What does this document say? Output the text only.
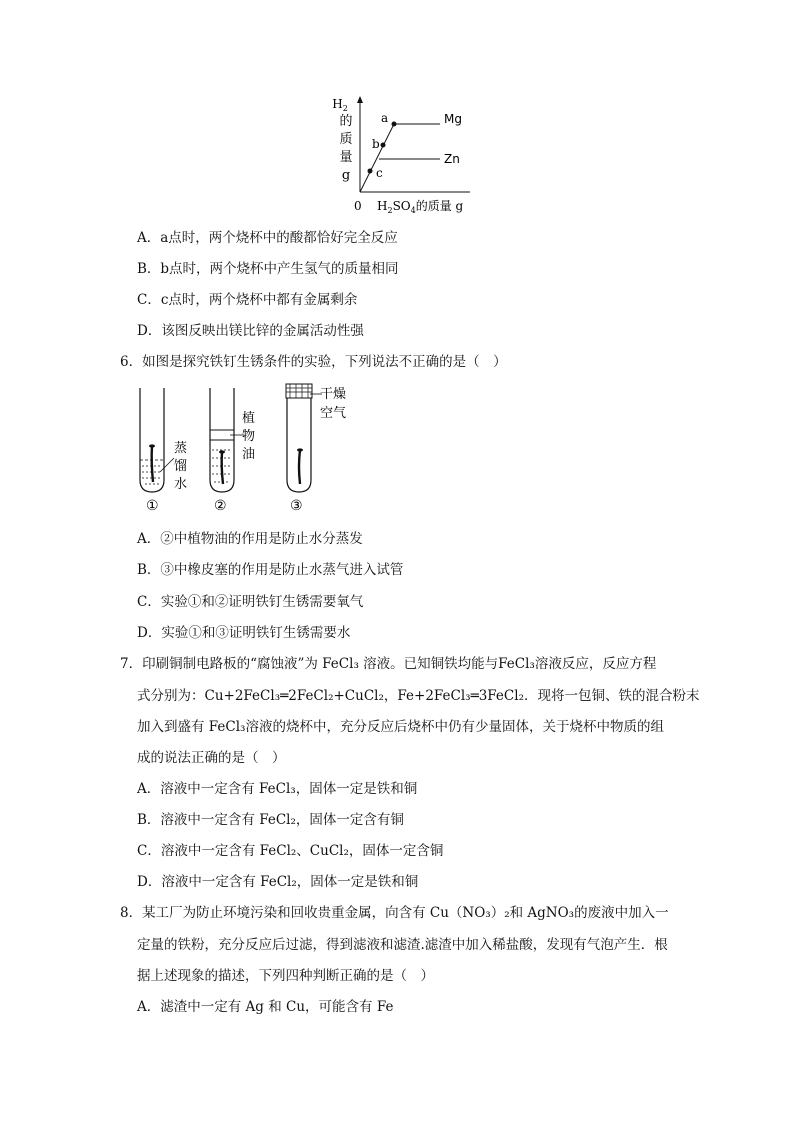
$H_2$
的
质
量
g
a
b
c
Mg
Zn
0 $H_2SO_4$的质量 g
A．a点时，两个烧杯中的酸都恰好完全反应
B．b点时，两个烧杯中产生氢气的质量相同
C．c点时，两个烧杯中都有金属剩余
D．该图反映出镁比锌的金属活动性强
6．如图是探究铁钉生锈条件的实验，下列说法不正确的是（　）
蒸
馏
水
①
植
物
油
②
干燥
空气
③
A．②中植物油的作用是防止水分蒸发
B．③中橡皮塞的作用是防止水蒸气进入试管
C．实验①和②证明铁钉生锈需要氧气
D．实验①和③证明铁钉生锈需要水
7．印刷铜制电路板的“腐蚀液”为 FeCl₃ 溶液。已知铜铁均能与FeCl₃溶液反应，反应方程
式分别为：Cu+2FeCl₃═2FeCl₂+CuCl₂，Fe+2FeCl₃═3FeCl₂．现将一包铜、铁的混合粉末
加入到盛有 FeCl₃溶液的烧杯中，充分反应后烧杯中仍有少量固体，关于烧杯中物质的组
成的说法正确的是（　）
A．溶液中一定含有 FeCl₃，固体一定是铁和铜
B．溶液中一定含有 FeCl₂，固体一定含有铜
C．溶液中一定含有 FeCl₂、CuCl₂，固体一定含铜
D．溶液中一定含有 FeCl₂，固体一定是铁和铜
8．某工厂为防止环境污染和回收贵重金属，向含有 Cu（NO₃）₂和 AgNO₃的废液中加入一
定量的铁粉，充分反应后过滤，得到滤液和滤渣.滤渣中加入稀盐酸，发现有气泡产生．根
据上述现象的描述，下列四种判断正确的是（　）
A．滤渣中一定有 Ag 和 Cu，可能含有 Fe
